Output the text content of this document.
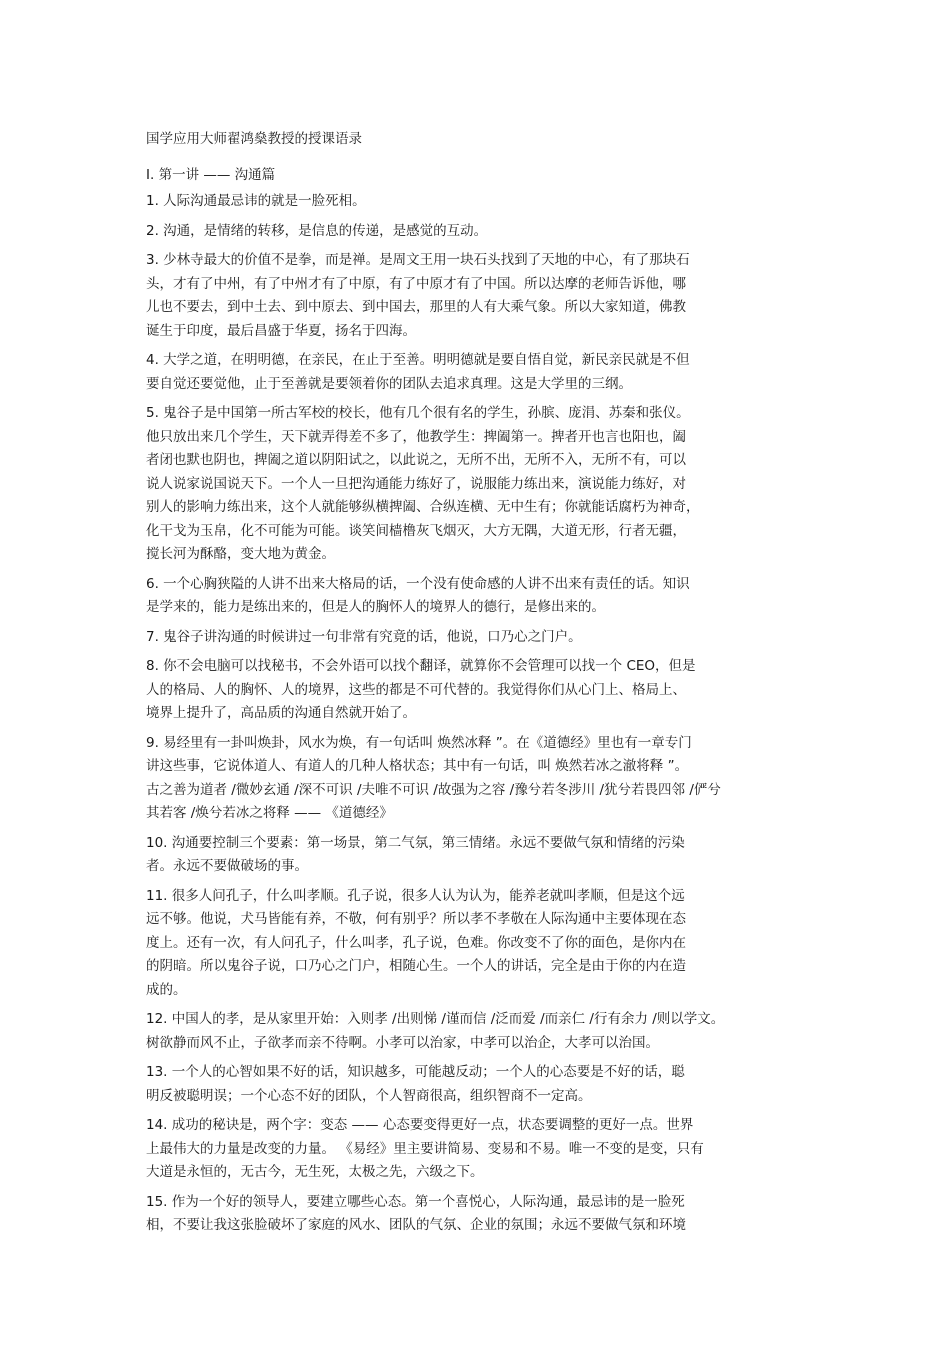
国学应用大师翟鸿燊教授的授课语录
Ⅰ. 第一讲 —— 沟通篇
1. 人际沟通最忌讳的就是一脸死相。
2. 沟通，是情绪的转移，是信息的传递，是感觉的互动。
3. 少林寺最大的价值不是拳，而是禅。是周文王用一块石头找到了天地的中心，有了那块石
头，才有了中州，有了中州才有了中原，有了中原才有了中国。所以达摩的老师告诉他，哪
儿也不要去，到中土去、到中原去、到中国去，那里的人有大乘气象。所以大家知道，佛教
诞生于印度，最后昌盛于华夏，扬名于四海。
4. 大学之道，在明明德，在亲民，在止于至善。明明德就是要自悟自觉，新民亲民就是不但
要自觉还要觉他，止于至善就是要领着你的团队去追求真理。这是大学里的三纲。
5. 鬼谷子是中国第一所古军校的校长，他有几个很有名的学生，孙膑、庞涓、苏秦和张仪。
他只放出来几个学生，天下就弄得差不多了，他教学生：捭阖第一。捭者开也言也阳也，阖
者闭也默也阴也，捭阖之道以阴阳试之，以此说之，无所不出，无所不入，无所不有，可以
说人说家说国说天下。一个人一旦把沟通能力练好了，说服能力练出来，演说能力练好，对
别人的影响力练出来，这个人就能够纵横捭阖、合纵连横、无中生有；你就能话腐朽为神奇，
化干戈为玉帛，化不可能为可能。谈笑间樯橹灰飞烟灭，大方无隅，大道无形，行者无疆，
搅长河为酥酪，变大地为黄金。
6. 一个心胸狭隘的人讲不出来大格局的话，一个没有使命感的人讲不出来有责任的话。知识
是学来的，能力是练出来的，但是人的胸怀人的境界人的德行，是修出来的。
7. 鬼谷子讲沟通的时候讲过一句非常有究竟的话，他说，口乃心之门户。
8. 你不会电脑可以找秘书，不会外语可以找个翻译，就算你不会管理可以找一个 CEO，但是
人的格局、人的胸怀、人的境界，这些的都是不可代替的。我觉得你们从心门上、格局上、
境界上提升了，高品质的沟通自然就开始了。
9. 易经里有一卦叫焕卦，风水为焕，有一句话叫 焕然冰释 ”。在《道德经》里也有一章专门
讲这些事，它说体道人、有道人的几种人格状态；其中有一句话，叫 焕然若冰之澈将释 ”。
古之善为道者 /微妙玄通 /深不可识 /夫唯不可识 /故强为之容 /豫兮若冬涉川 /犹兮若畏四邻 /俨兮
其若客 /焕兮若冰之将释 —— 《道德经》
10. 沟通要控制三个要素：第一场景，第二气氛，第三情绪。永远不要做气氛和情绪的污染
者。永远不要做破场的事。
11. 很多人问孔子，什么叫孝顺。孔子说，很多人认为认为，能养老就叫孝顺，但是这个远
远不够。他说，犬马皆能有养，不敬，何有别乎？所以孝不孝敬在人际沟通中主要体现在态
度上。还有一次，有人问孔子，什么叫孝，孔子说，色难。你改变不了你的面色，是你内在
的阴暗。所以鬼谷子说，口乃心之门户，相随心生。一个人的讲话，完全是由于你的内在造
成的。
12. 中国人的孝，是从家里开始：入则孝 /出则悌 /谨而信 /泛而爱 /而亲仁 /行有余力 /则以学文。
树欲静而风不止，子欲孝而亲不待啊。小孝可以治家，中孝可以治企，大孝可以治国。
13. 一个人的心智如果不好的话，知识越多，可能越反动；一个人的心态要是不好的话，聪
明反被聪明误；一个心态不好的团队，个人智商很高，组织智商不一定高。
14. 成功的秘诀是，两个字：变态 —— 心态要变得更好一点，状态要调整的更好一点。世界
上最伟大的力量是改变的力量。 《易经》里主要讲简易、变易和不易。唯一不变的是变，只有
大道是永恒的，无古今，无生死，太极之先，六级之下。
15. 作为一个好的领导人，要建立哪些心态。第一个喜悦心，人际沟通，最忌讳的是一脸死
相，不要让我这张脸破坏了家庭的风水、团队的气氛、企业的氛围；永远不要做气氛和环境
